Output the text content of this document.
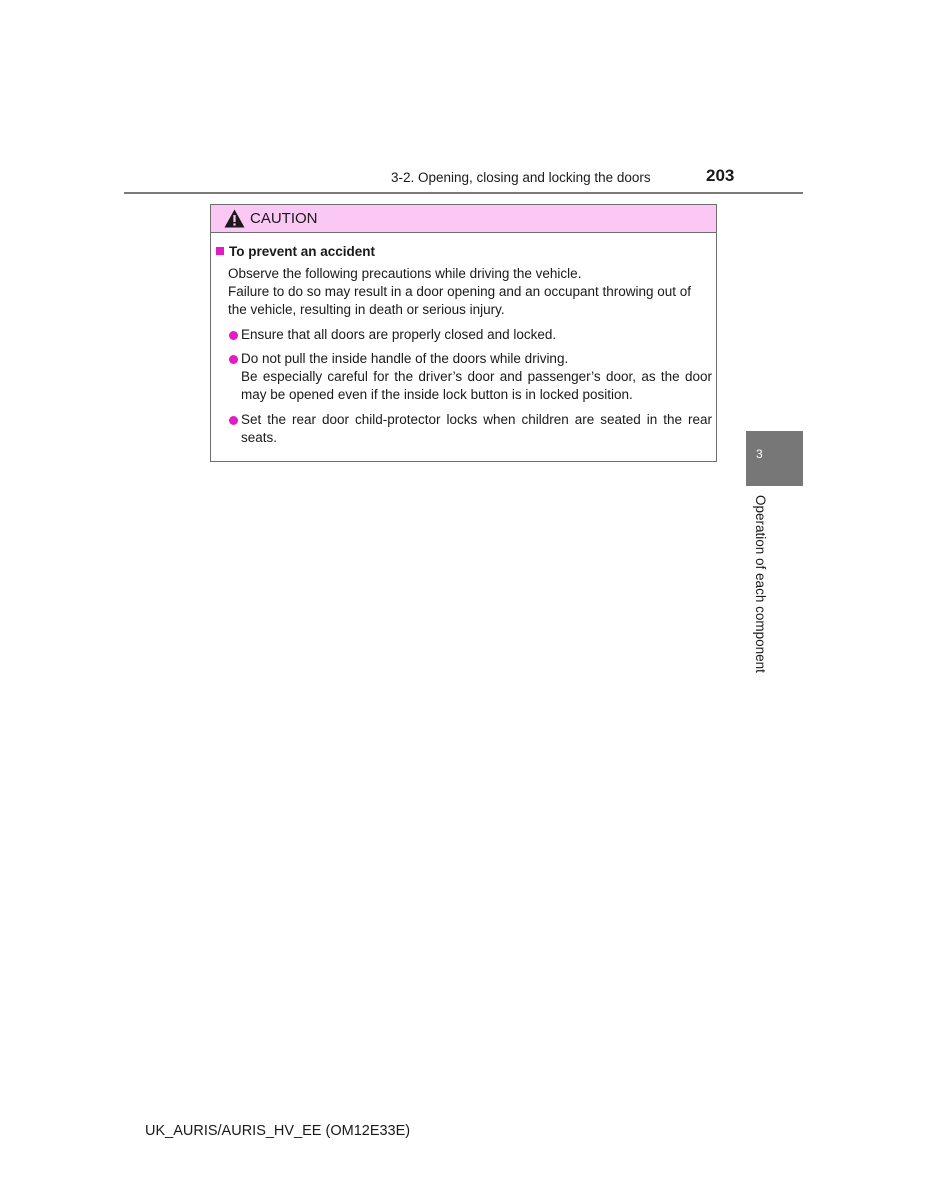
3-2. Opening, closing and locking the doors	203
CAUTION
To prevent an accident

Observe the following precautions while driving the vehicle.

Failure to do so may result in a door opening and an occupant throwing out of the vehicle, resulting in death or serious injury.

Ensure that all doors are properly closed and locked.

Do not pull the inside handle of the doors while driving.

Be especially careful for the driver’s door and passenger’s door, as the door may be opened even if the inside lock button is in locked position.

Set the rear door child-protector locks when children are seated in the rear seats.

3
Operation of each component
UK_AURIS/AURIS_HV_EE (OM12E33E)
